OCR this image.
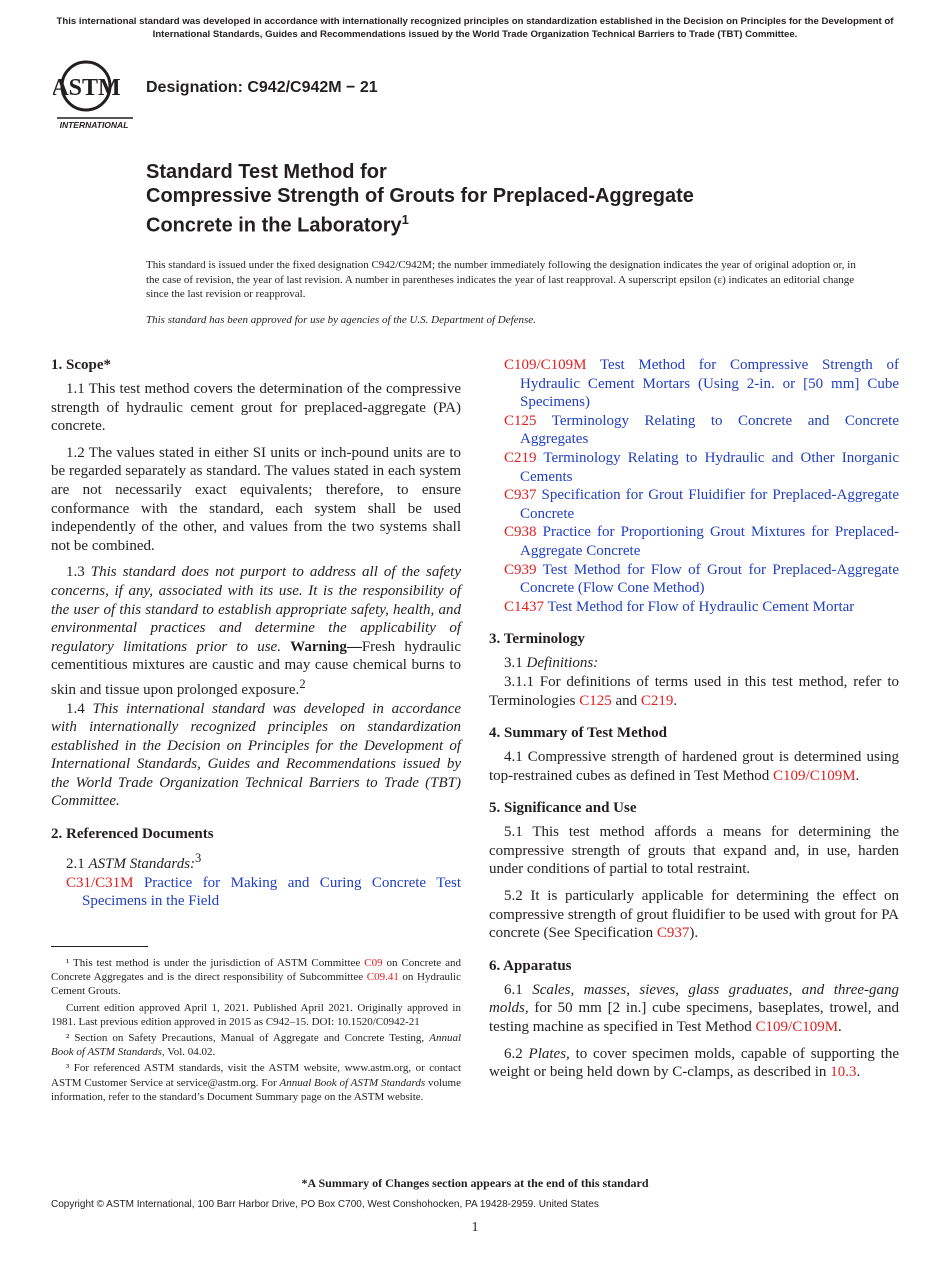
This international standard was developed in accordance with internationally recognized principles on standardization established in the Decision on Principles for the Development of International Standards, Guides and Recommendations issued by the World Trade Organization Technical Barriers to Trade (TBT) Committee.
ASTM
INTERNATIONAL
Designation: C942/C942M − 21
Standard Test Method for
Compressive Strength of Grouts for Preplaced-Aggregate
Concrete in the Laboratory$^1$
This standard is issued under the fixed designation C942/C942M; the number immediately following the designation indicates the year of original adoption or, in the case of revision, the year of last revision. A number in parentheses indicates the year of last reapproval. A superscript epsilon (ε) indicates an editorial change since the last revision or reapproval.
This standard has been approved for use by agencies of the U.S. Department of Defense.
1. Scope*

1.1 This test method covers the determination of the compressive strength of hydraulic cement grout for preplaced-aggregate (PA) concrete.

1.2 The values stated in either SI units or inch-pound units are to be regarded separately as standard. The values stated in each system are not necessarily exact equivalents; therefore, to ensure conformance with the standard, each system shall be used independently of the other, and values from the two systems shall not be combined.

1.3 This standard does not purport to address all of the safety concerns, if any, associated with its use. It is the responsibility of the user of this standard to establish appropriate safety, health, and environmental practices and determine the applicability of regulatory limitations prior to use. Warning—Fresh hydraulic cementitious mixtures are caustic and may cause chemical burns to skin and tissue upon prolonged exposure.$^2$

1.4 This international standard was developed in accordance with internationally recognized principles on standardization established in the Decision on Principles for the Development of International Standards, Guides and Recommendations issued by the World Trade Organization Technical Barriers to Trade (TBT) Committee.

2. Referenced Documents

2.1 ASTM Standards:$^3$

C31/C31M Practice for Making and Curing Concrete Test Specimens in the Field

¹ This test method is under the jurisdiction of ASTM Committee C09 on Concrete and Concrete Aggregates and is the direct responsibility of Subcommittee C09.41 on Hydraulic Cement Grouts.

Current edition approved April 1, 2021. Published April 2021. Originally approved in 1981. Last previous edition approved in 2015 as C942–15. DOI: 10.1520/C0942-21

² Section on Safety Precautions, Manual of Aggregate and Concrete Testing, Annual Book of ASTM Standards, Vol. 04.02.

³ For referenced ASTM standards, visit the ASTM website, www.astm.org, or contact ASTM Customer Service at service@astm.org. For Annual Book of ASTM Standards volume information, refer to the standard’s Document Summary page on the ASTM website.

C109/C109M Test Method for Compressive Strength of Hydraulic Cement Mortars (Using 2-in. or [50 mm] Cube Specimens)

C125 Terminology Relating to Concrete and Concrete Aggregates

C219 Terminology Relating to Hydraulic and Other Inorganic Cements

C937 Specification for Grout Fluidifier for Preplaced-Aggregate Concrete

C938 Practice for Proportioning Grout Mixtures for Preplaced-Aggregate Concrete

C939 Test Method for Flow of Grout for Preplaced-Aggregate Concrete (Flow Cone Method)

C1437 Test Method for Flow of Hydraulic Cement Mortar

3. Terminology

3.1 Definitions:

3.1.1 For definitions of terms used in this test method, refer to Terminologies C125 and C219.

4. Summary of Test Method

4.1 Compressive strength of hardened grout is determined using top-restrained cubes as defined in Test Method C109/C109M.

5. Significance and Use

5.1 This test method affords a means for determining the compressive strength of grouts that expand and, in use, harden under conditions of partial to total restraint.

5.2 It is particularly applicable for determining the effect on compressive strength of grout fluidifier to be used with grout for PA concrete (See Specification C937).

6. Apparatus

6.1 Scales, masses, sieves, glass graduates, and three-gang molds, for 50 mm [2 in.] cube specimens, baseplates, trowel, and testing machine as specified in Test Method C109/C109M.

6.2 Plates, to cover specimen molds, capable of supporting the weight or being held down by C-clamps, as described in 10.3.

*A Summary of Changes section appears at the end of this standard
Copyright © ASTM International, 100 Barr Harbor Drive, PO Box C700, West Conshohocken, PA 19428-2959. United States
1
